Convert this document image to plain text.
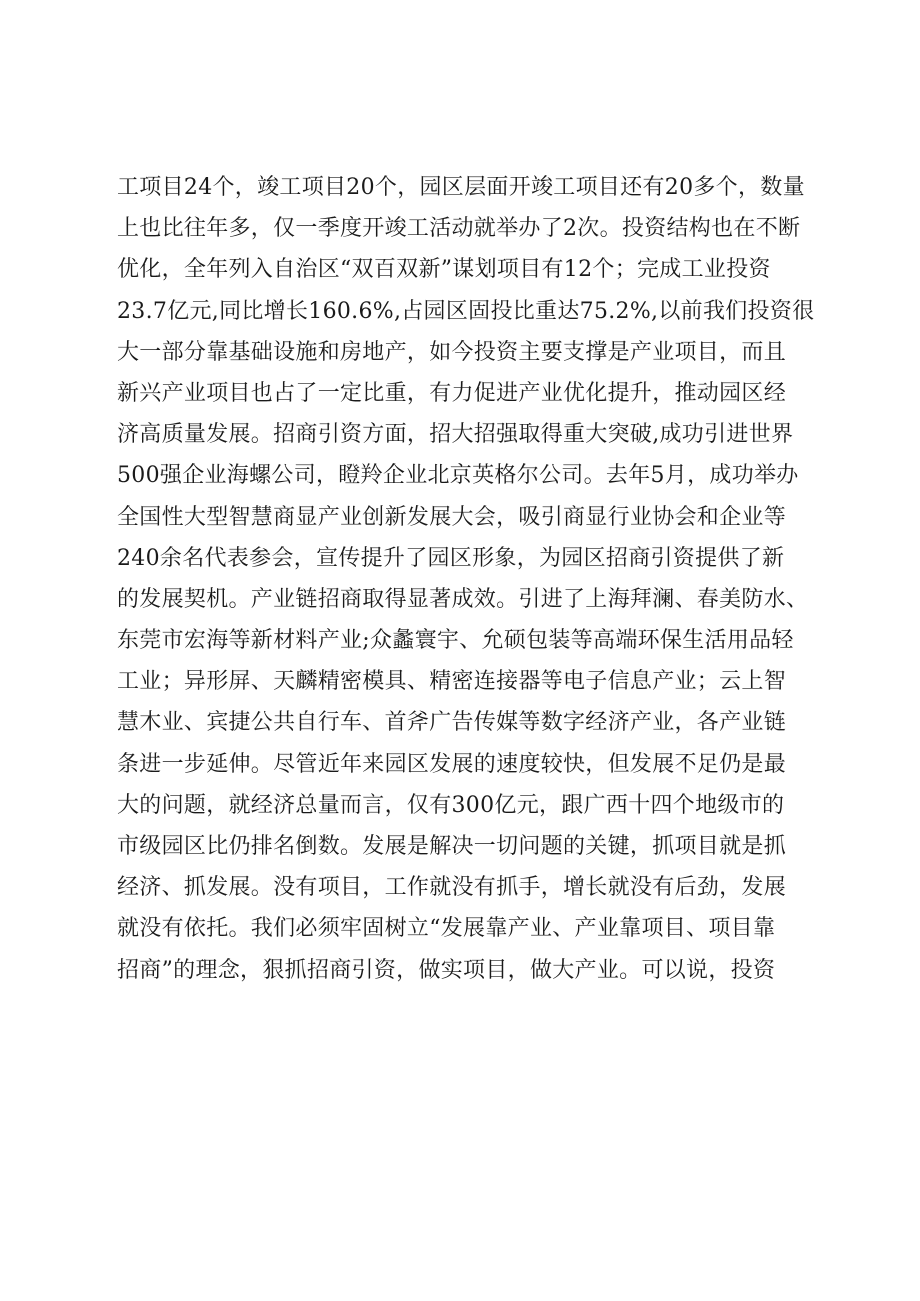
工项目24个，竣工项目20个，园区层面开竣工项目还有20多个，数量
上也比往年多，仅一季度开竣工活动就举办了2次。投资结构也在不断
优化，全年列入自治区“双百双新”谋划项目有12个；完成工业投资
23.7亿元,同比增长160.6%,占园区固投比重达75.2%,以前我们投资很
大一部分靠基础设施和房地产，如今投资主要支撑是产业项目，而且
新兴产业项目也占了一定比重，有力促进产业优化提升，推动园区经
济高质量发展。招商引资方面，招大招强取得重大突破,成功引进世界
500强企业海螺公司，瞪羚企业北京英格尔公司。去年5月，成功举办
全国性大型智慧商显产业创新发展大会，吸引商显行业协会和企业等
240余名代表参会，宣传提升了园区形象，为园区招商引资提供了新
的发展契机。产业链招商取得显著成效。引进了上海拜澜、春美防水、
东莞市宏海等新材料产业;众蠡寰宇、允硕包装等高端环保生活用品轻
工业；异形屏、天麟精密模具、精密连接器等电子信息产业；云上智
慧木业、宾捷公共自行车、首斧广告传媒等数字经济产业，各产业链
条进一步延伸。尽管近年来园区发展的速度较快，但发展不足仍是最
大的问题，就经济总量而言，仅有300亿元，跟广西十四个地级市的
市级园区比仍排名倒数。发展是解决一切问题的关键，抓项目就是抓
经济、抓发展。没有项目，工作就没有抓手，增长就没有后劲，发展
就没有依托。我们必须牢固树立“发展靠产业、产业靠项目、项目靠
招商”的理念，狠抓招商引资，做实项目，做大产业。可以说，投资
